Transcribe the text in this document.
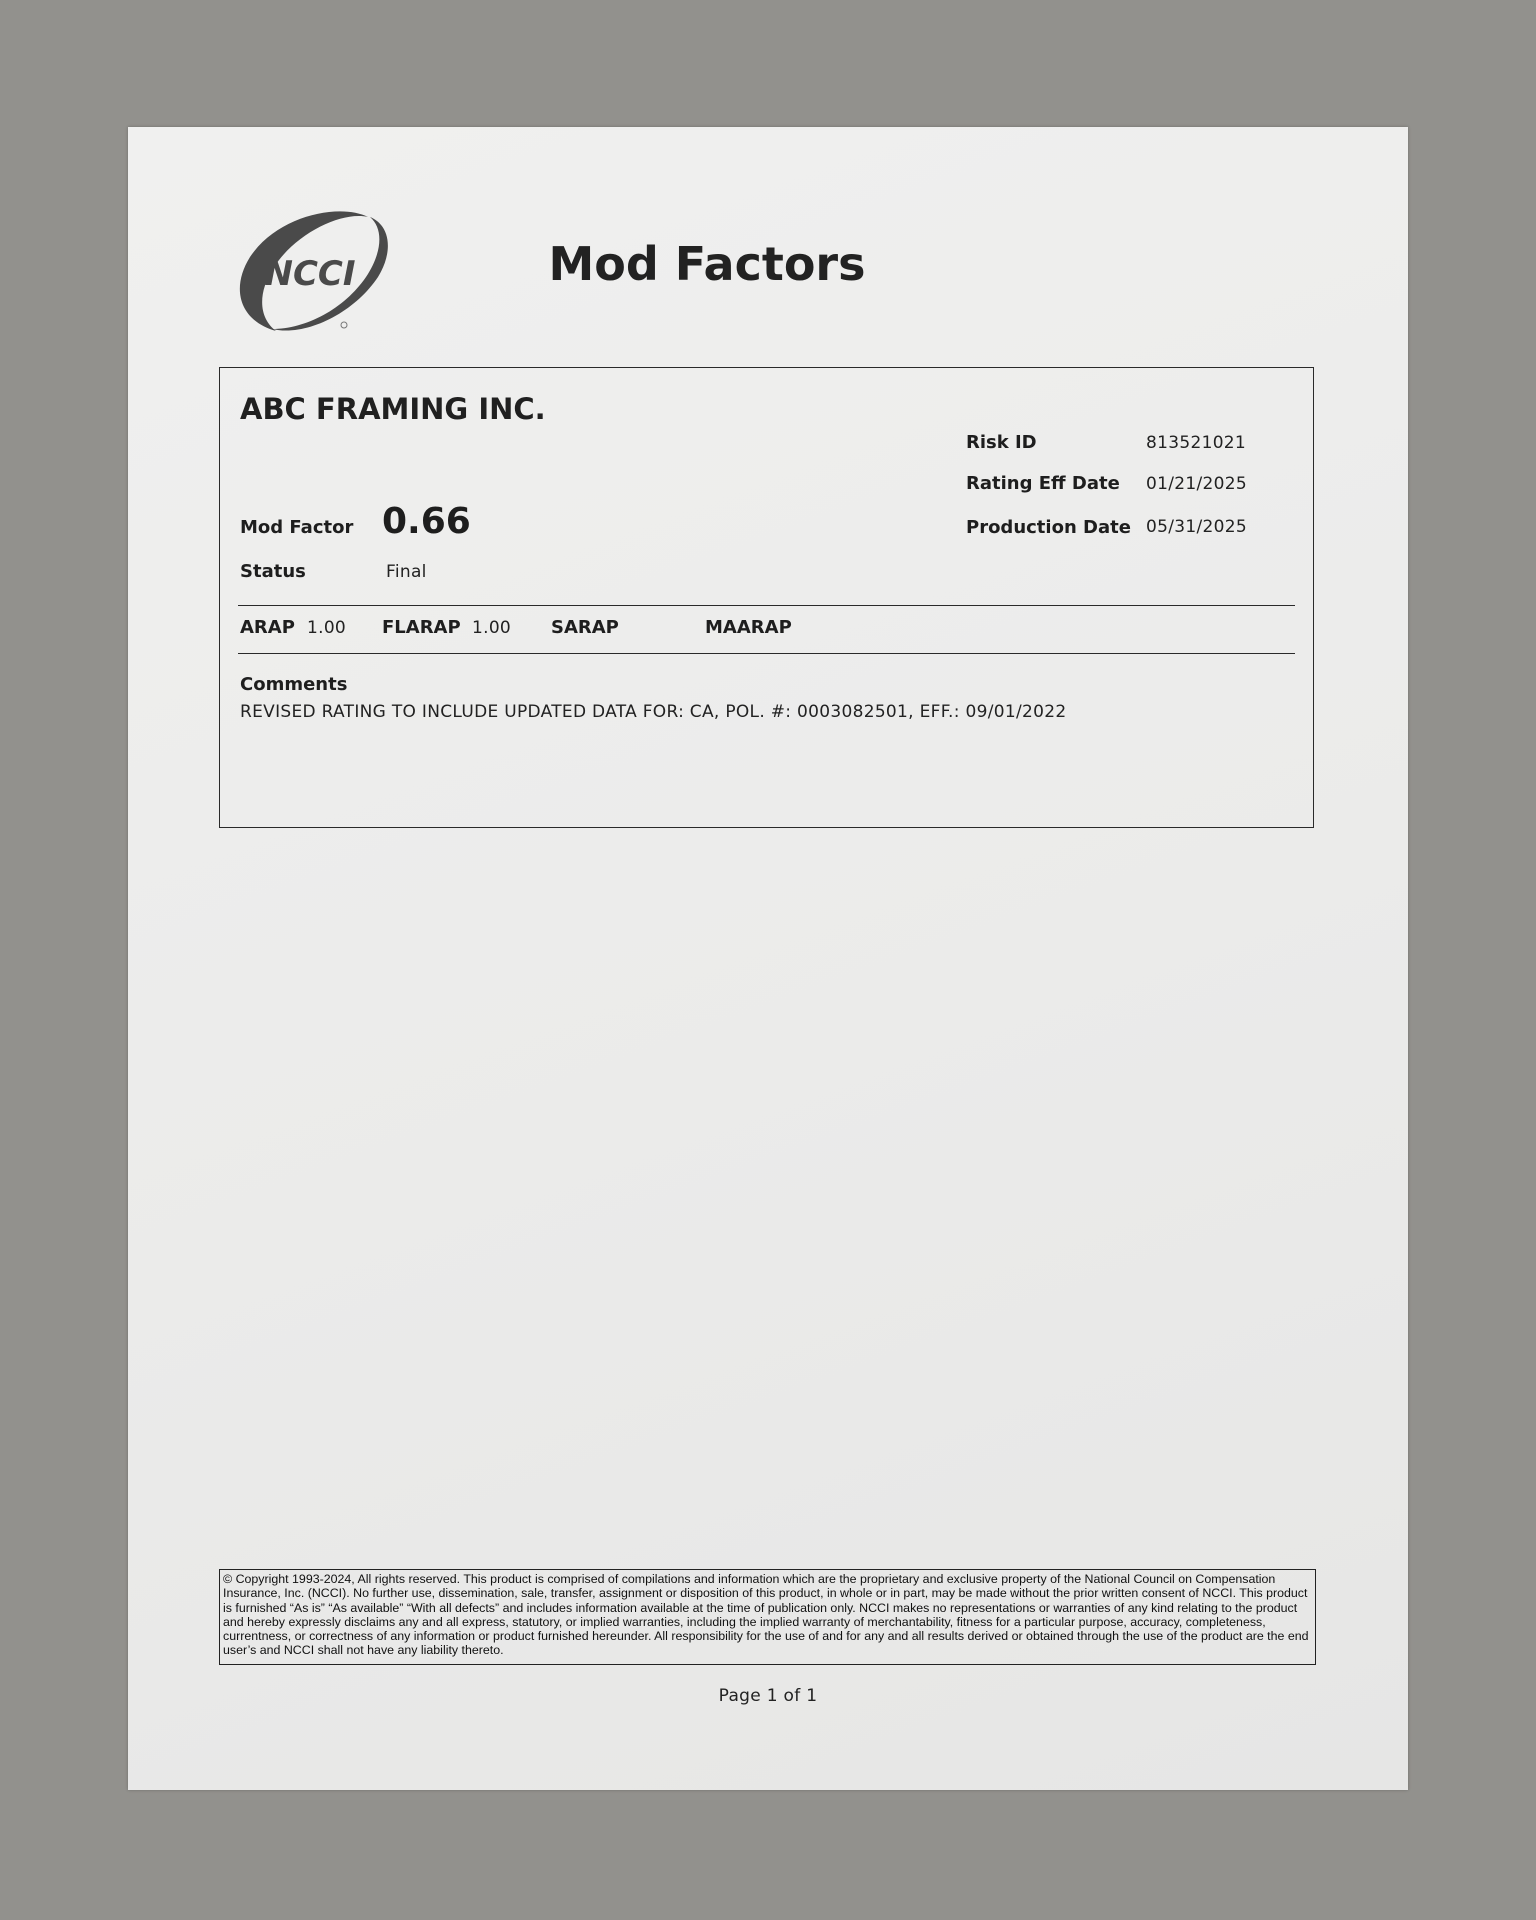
NCCI	Mod Factors
ABC FRAMING INC.
Risk ID	813521021
Rating Eff Date 01/21/2025
Production Date 05/31/2025
Mod Factor 0.66
Status	Final
ARAP 1.00 FLARAP 1.00 SARAP	MAARAP
Comments
REVISED RATING TO INCLUDE UPDATED DATA FOR: CA, POL. #: 0003082501, EFF.: 09/01/2022
© Copyright 1993-2024, All rights reserved. This product is comprised of compilations and information which are the proprietary and exclusive property of the National Council on Compensation Insurance, Inc. (NCCI). No further use, dissemination, sale, transfer, assignment or disposition of this product, in whole or in part, may be made without the prior written consent of NCCI. This product is furnished “As is” “As available” “With all defects” and includes information available at the time of publication only. NCCI makes no representations or warranties of any kind relating to the product and hereby expressly disclaims any and all express, statutory, or implied warranties, including the implied warranty of merchantability, fitness for a particular purpose, accuracy, completeness, currentness, or correctness of any information or product furnished hereunder. All responsibility for the use of and for any and all results derived or obtained through the use of the product are the end user’s and NCCI shall not have any liability thereto.
Page 1 of 1
